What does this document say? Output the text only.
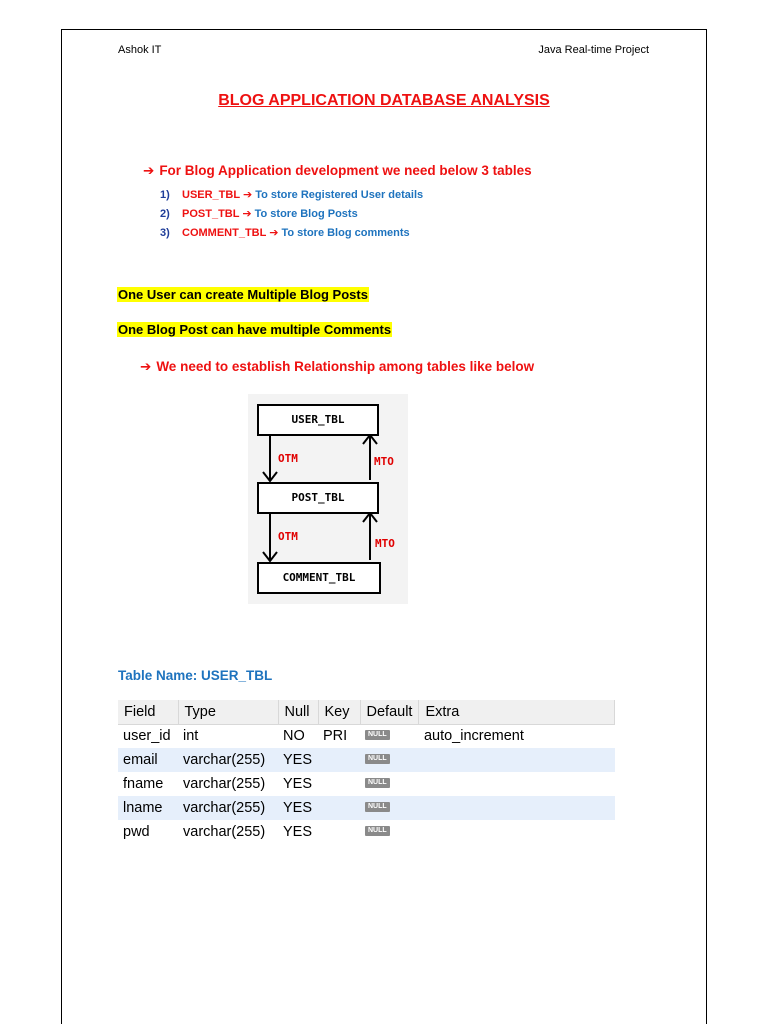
Ashok IT	Java Real-time Project
BLOG APPLICATION DATABASE ANALYSIS
➔ For Blog Application development we need below 3 tables
1) USER_TBL ➔ To store Registered User details
2) POST_TBL ➔ To store Blog Posts
3) COMMENT_TBL ➔ To store Blog comments
One User can create Multiple Blog Posts
One Blog Post can have multiple Comments
➔ We need to establish Relationship among tables like below
USER_TBL
POST_TBL
COMMENT_TBL
OTM	MTO
OTM
MTO
Table Name: USER_TBL
Field	Type	Null	Key	Default	Extra
user_id	int	NO	PRI	NULL	auto_increment
email	varchar(255)	YES		NULL	
fname	varchar(255)	YES		NULL	
lname	varchar(255)	YES		NULL	
pwd	varchar(255)	YES		NULL	
